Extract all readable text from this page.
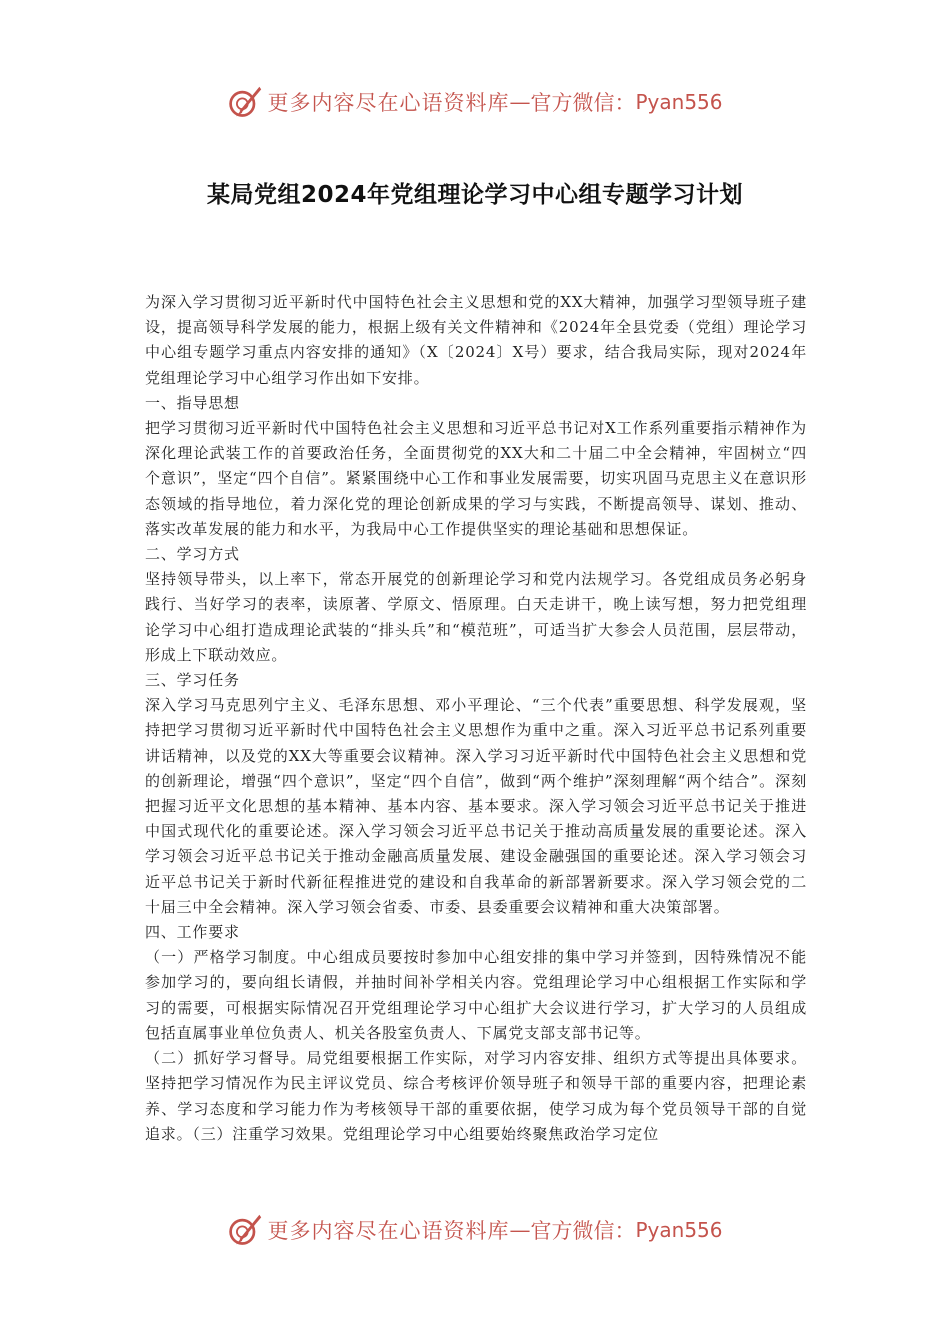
更多内容尽在心语资料库 — 官方微信： Pyan556
某局党组2024年党组理论学习中心组专题学习计划

为深入学习贯彻习近平新时代中国特色社会主义思想和党的XX大精神，加强学习型领导班子建设，提高领导科学发展的能力，根据上级有关文件精神和《2024年全县党委（党组）理论学习中心组专题学习重点内容安排的通知》（X〔2024〕X号）要求，结合我局实际，现对2024年党组理论学习中心组学习作出如下安排。

一、指导思想

把学习贯彻习近平新时代中国特色社会主义思想和习近平总书记对X工作系列重要指示精神作为深化理论武装工作的首要政治任务，全面贯彻党的XX大和二十届二中全会精神，牢固树立“四个意识”，坚定“四个自信”。紧紧围绕中心工作和事业发展需要，切实巩固马克思主义在意识形态领域的指导地位，着力深化党的理论创新成果的学习与实践，不断提高领导、谋划、推动、落实改革发展的能力和水平，为我局中心工作提供坚实的理论基础和思想保证。

二、学习方式

坚持领导带头，以上率下，常态开展党的创新理论学习和党内法规学习。各党组成员务必躬身践行、当好学习的表率，读原著、学原文、悟原理。白天走讲干，晚上读写想，努力把党组理论学习中心组打造成理论武装的“排头兵”和“模范班”，可适当扩大参会人员范围，层层带动，形成上下联动效应。

三、学习任务

深入学习马克思列宁主义、毛泽东思想、邓小平理论、“三个代表”重要思想、科学发展观，坚持把学习贯彻习近平新时代中国特色社会主义思想作为重中之重。深入习近平总书记系列重要讲话精神，以及党的XX大等重要会议精神。深入学习习近平新时代中国特色社会主义思想和党的创新理论，增强“四个意识”，坚定“四个自信”，做到“两个维护”深刻理解“两个结合”。深刻把握习近平文化思想的基本精神、基本内容、基本要求。深入学习领会习近平总书记关于推进中国式现代化的重要论述。深入学习领会习近平总书记关于推动高质量发展的重要论述。深入学习领会习近平总书记关于推动金融高质量发展、建设金融强国的重要论述。深入学习领会习近平总书记关于新时代新征程推进党的建设和自我革命的新部署新要求。深入学习领会党的二十届三中全会精神。深入学习领会省委、市委、县委重要会议精神和重大决策部署。

四、工作要求

（一）严格学习制度。中心组成员要按时参加中心组安排的集中学习并签到，因特殊情况不能参加学习的，要向组长请假，并抽时间补学相关内容。党组理论学习中心组根据工作实际和学习的需要，可根据实际情况召开党组理论学习中心组扩大会议进行学习，扩大学习的人员组成包括直属事业单位负责人、机关各股室负责人、下属党支部支部书记等。

（二）抓好学习督导。局党组要根据工作实际，对学习内容安排、组织方式等提出具体要求。坚持把学习情况作为民主评议党员、综合考核评价领导班子和领导干部的重要内容，把理论素养、学习态度和学习能力作为考核领导干部的重要依据，使学习成为每个党员领导干部的自觉追求。（三）注重学习效果。党组理论学习中心组要始终聚焦政治学习定位

更多内容尽在心语资料库 — 官方微信： Pyan556
